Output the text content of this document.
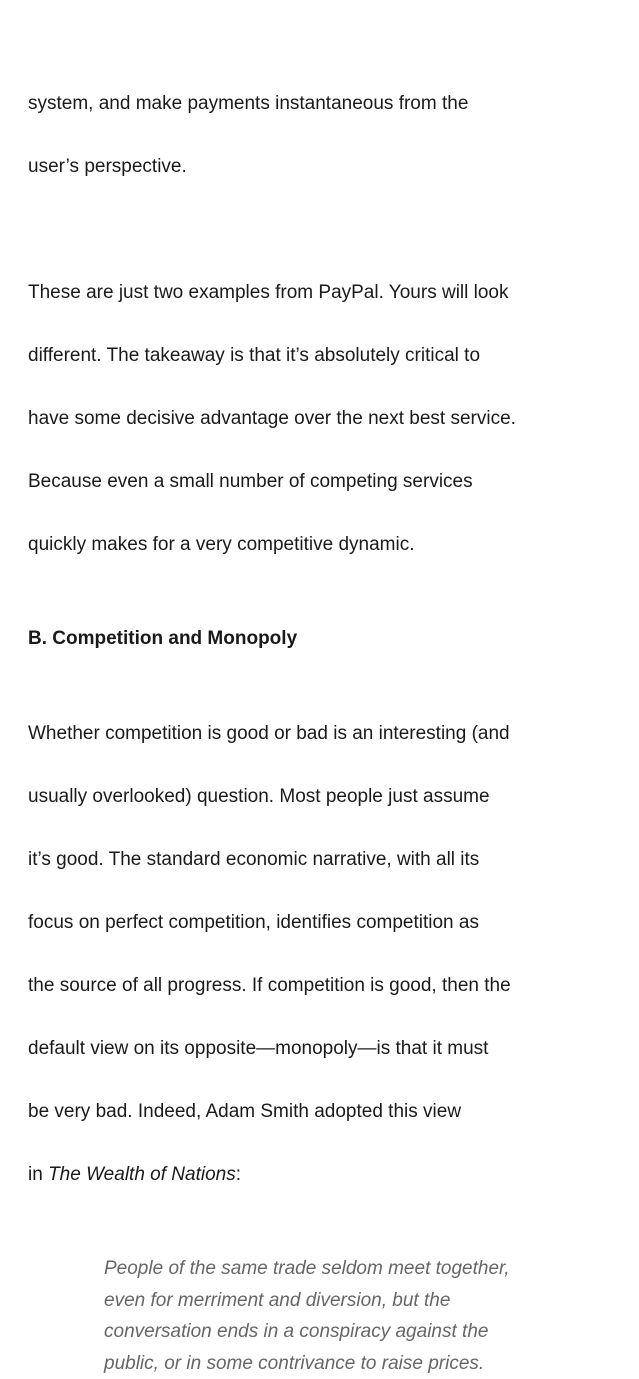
system, and make payments instantaneous from the

user’s perspective.

These are just two examples from PayPal. Yours will look

different. The takeaway is that it’s absolutely critical to

have some decisive advantage over the next best service.

Because even a small number of competing services

quickly makes for a very competitive dynamic.

B. Competition and Monopoly

Whether competition is good or bad is an interesting (and

usually overlooked) question. Most people just assume

it’s good. The standard economic narrative, with all its

focus on perfect competition, identifies competition as

the source of all progress. If competition is good, then the

default view on its opposite—monopoly—is that it must

be very bad. Indeed, Adam Smith adopted this view

in The Wealth of Nations:

People of the same trade seldom meet together,
even for merriment and diversion, but the
conversation ends in a conspiracy against the
public, or in some contrivance to raise prices.
